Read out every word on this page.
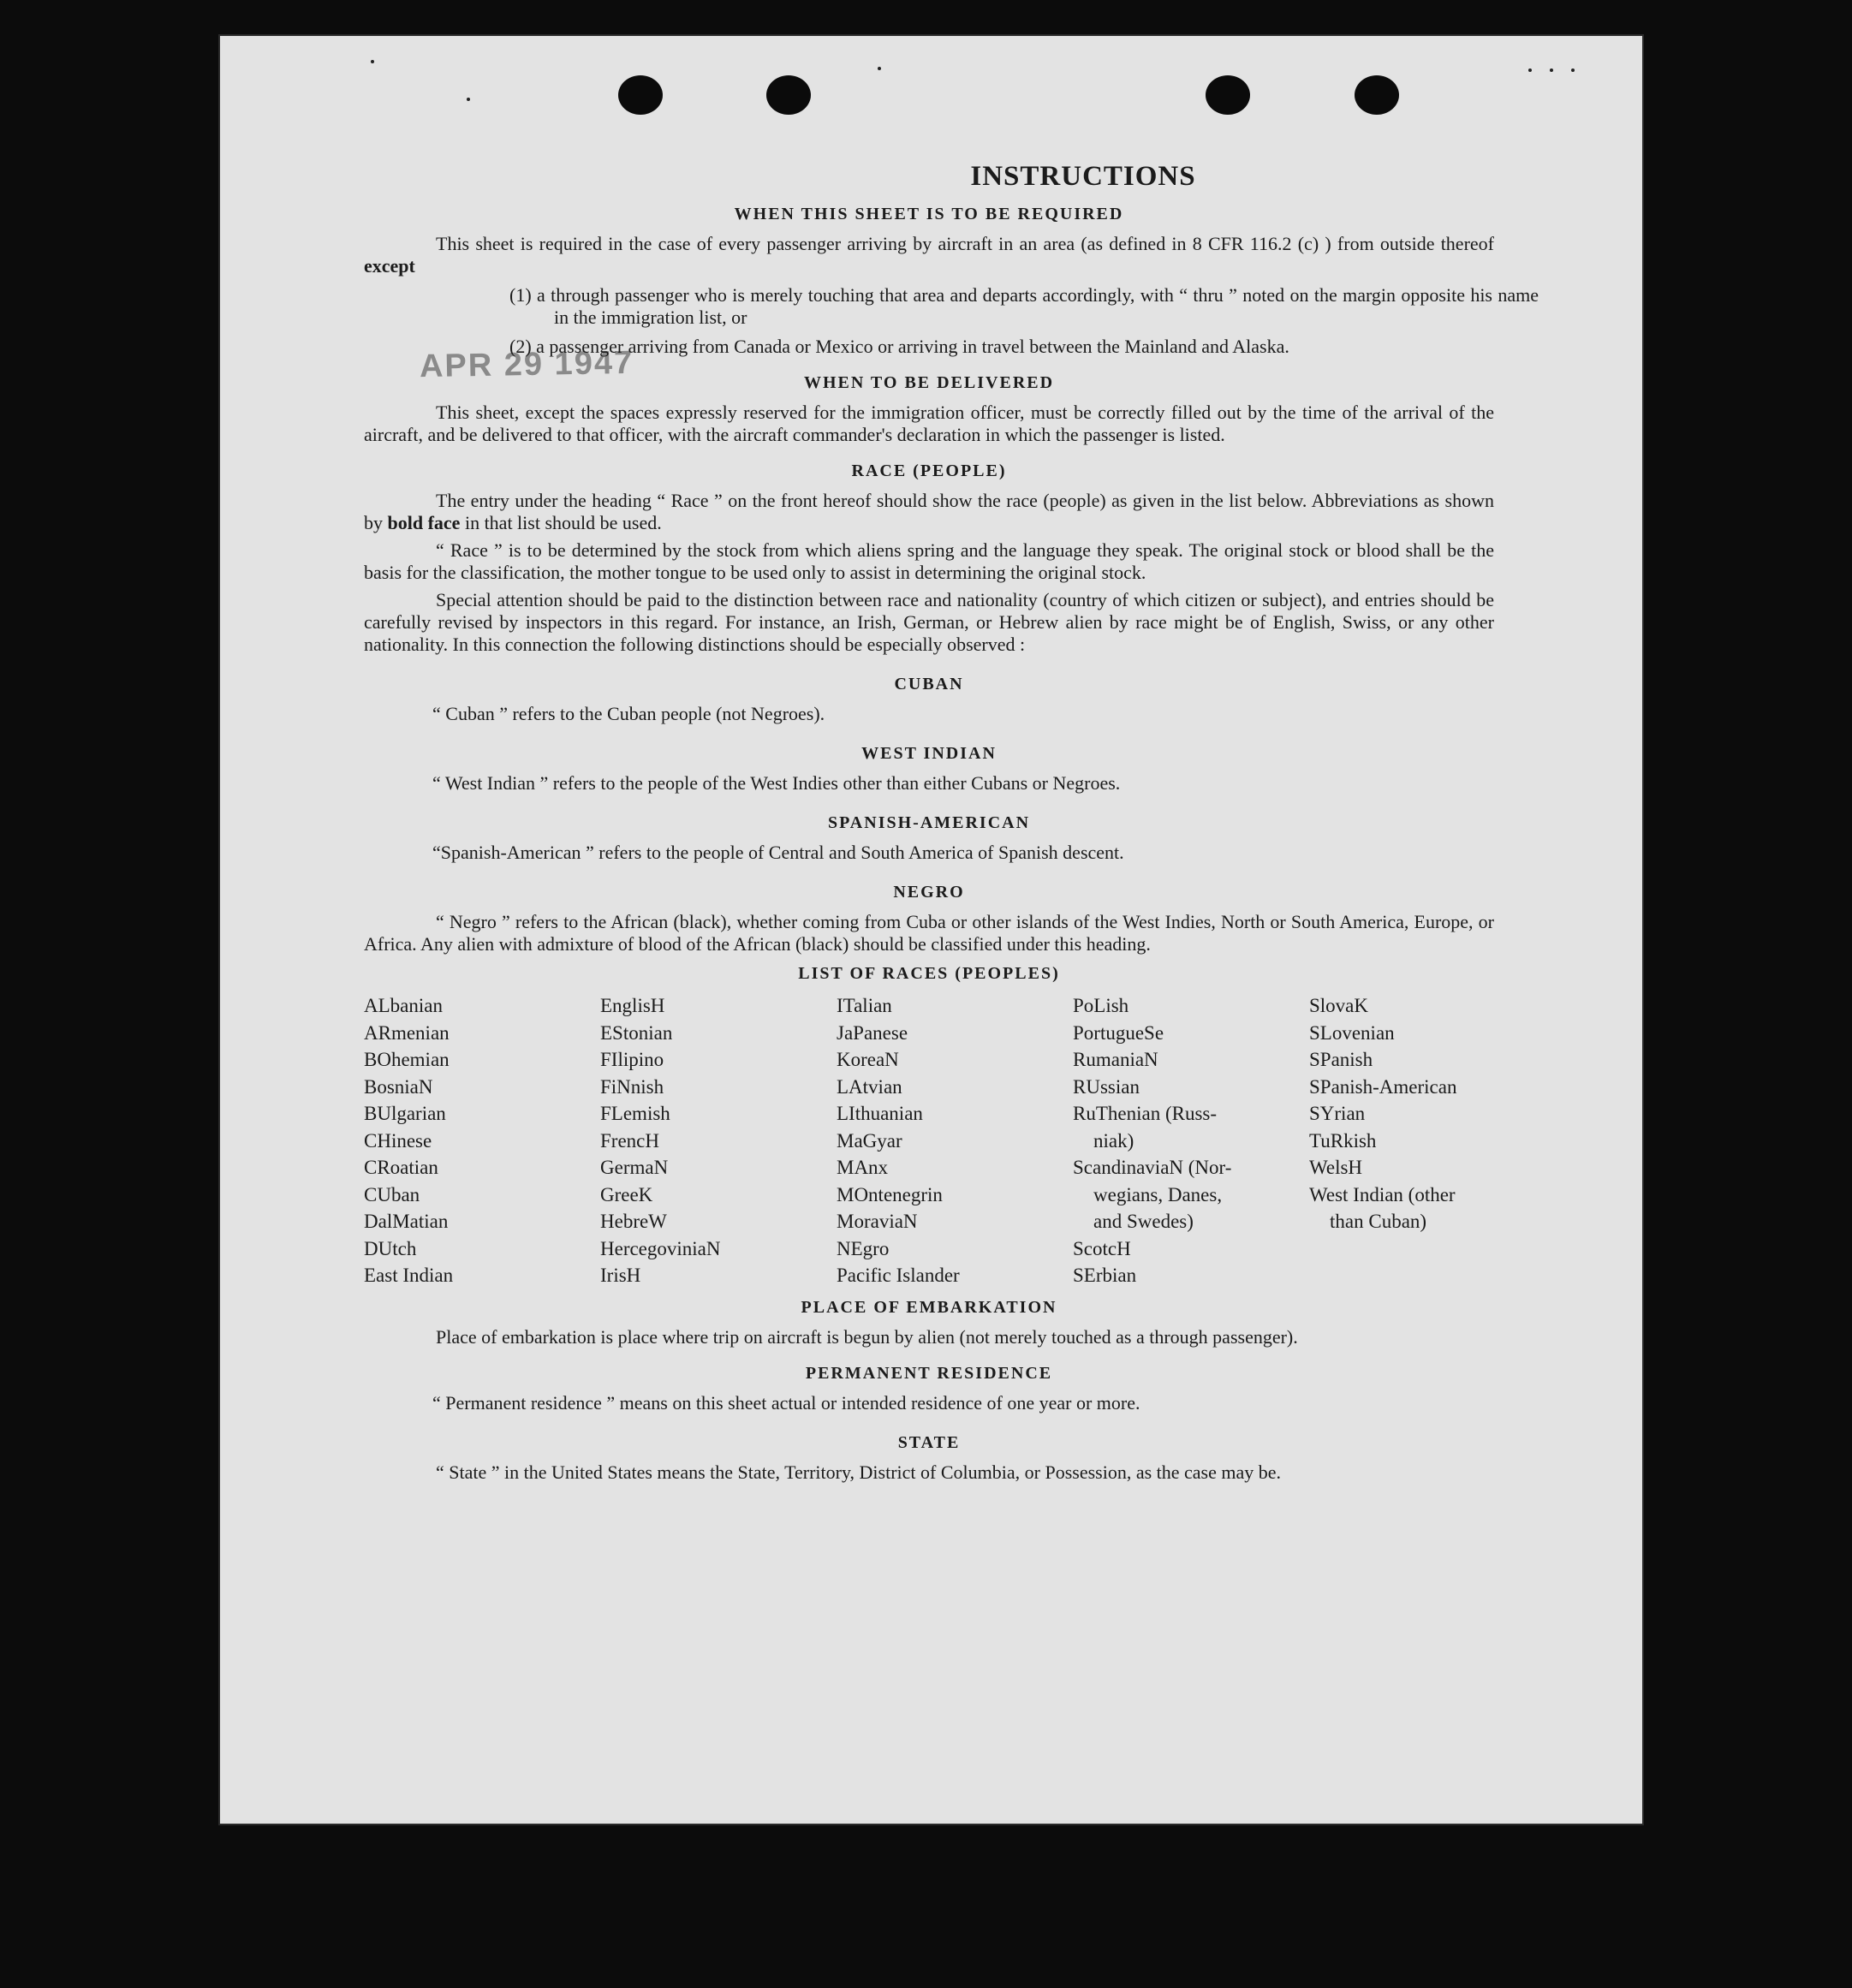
APR 29 1947
INSTRUCTIONS
WHEN THIS SHEET IS TO BE REQUIRED

This sheet is required in the case of every passenger arriving by aircraft in an area (as defined in 8 CFR 116.2 (c) ) from outside thereof except

(1) a through passenger who is merely touching that area and departs accordingly, with “ thru ” noted on the margin opposite his name in the immigration list, or

(2) a passenger arriving from Canada or Mexico or arriving in travel between the Mainland and Alaska.

WHEN TO BE DELIVERED

This sheet, except the spaces expressly reserved for the immigration officer, must be correctly filled out by the time of the arrival of the aircraft, and be delivered to that officer, with the aircraft commander's declaration in which the passenger is listed.

RACE (PEOPLE)

The entry under the heading “ Race ” on the front hereof should show the race (people) as given in the list below. Abbreviations as shown by bold face in that list should be used.

“ Race ” is to be determined by the stock from which aliens spring and the language they speak. The original stock or blood shall be the basis for the classification, the mother tongue to be used only to assist in determining the original stock.

Special attention should be paid to the distinction between race and nationality (country of which citizen or subject), and entries should be carefully revised by inspectors in this regard. For instance, an Irish, German, or Hebrew alien by race might be of English, Swiss, or any other nationality. In this connection the following distinctions should be especially observed :

CUBAN

“ Cuban ” refers to the Cuban people (not Negroes).

WEST INDIAN

“ West Indian ” refers to the people of the West Indies other than either Cubans or Negroes.

SPANISH-AMERICAN

“Spanish-American ” refers to the people of Central and South America of Spanish descent.

NEGRO

“ Negro ” refers to the African (black), whether coming from Cuba or other islands of the West Indies, North or South America, Europe, or Africa. Any alien with admixture of blood of the African (black) should be classified under this heading.

LIST OF RACES (PEOPLES)
ALbanian
ARmenian
BOhemian
BosniaN
BUlgarian
CHinese
CRoatian
CUban
DalMatian
DUtch
East Indian
EnglisH
EStonian
FIlipino
FiNnish
FLemish
FrencH
GermaN
GreeK
HebreW
HercegoviniaN
IrisH
ITalian
JaPanese
KoreaN
LAtvian
LIthuanian
MaGyar
MAnx
MOntenegrin
MoraviaN
NEgro
Pacific Islander
PoLish
PortugueSe
RumaniaN
RUssian
RuThenian (Russ-
niak)
ScandinaviaN (Nor-
wegians, Danes,
and Swedes)
ScotcH
SErbian
SlovaK
SLovenian
SPanish
SPanish-American
SYrian
TuRkish
WelsH
West Indian (other
than Cuban)
PLACE OF EMBARKATION

Place of embarkation is place where trip on aircraft is begun by alien (not merely touched as a through passenger).

PERMANENT RESIDENCE

“ Permanent residence ” means on this sheet actual or intended residence of one year or more.

STATE

“ State ” in the United States means the State, Territory, District of Columbia, or Possession, as the case may be.
